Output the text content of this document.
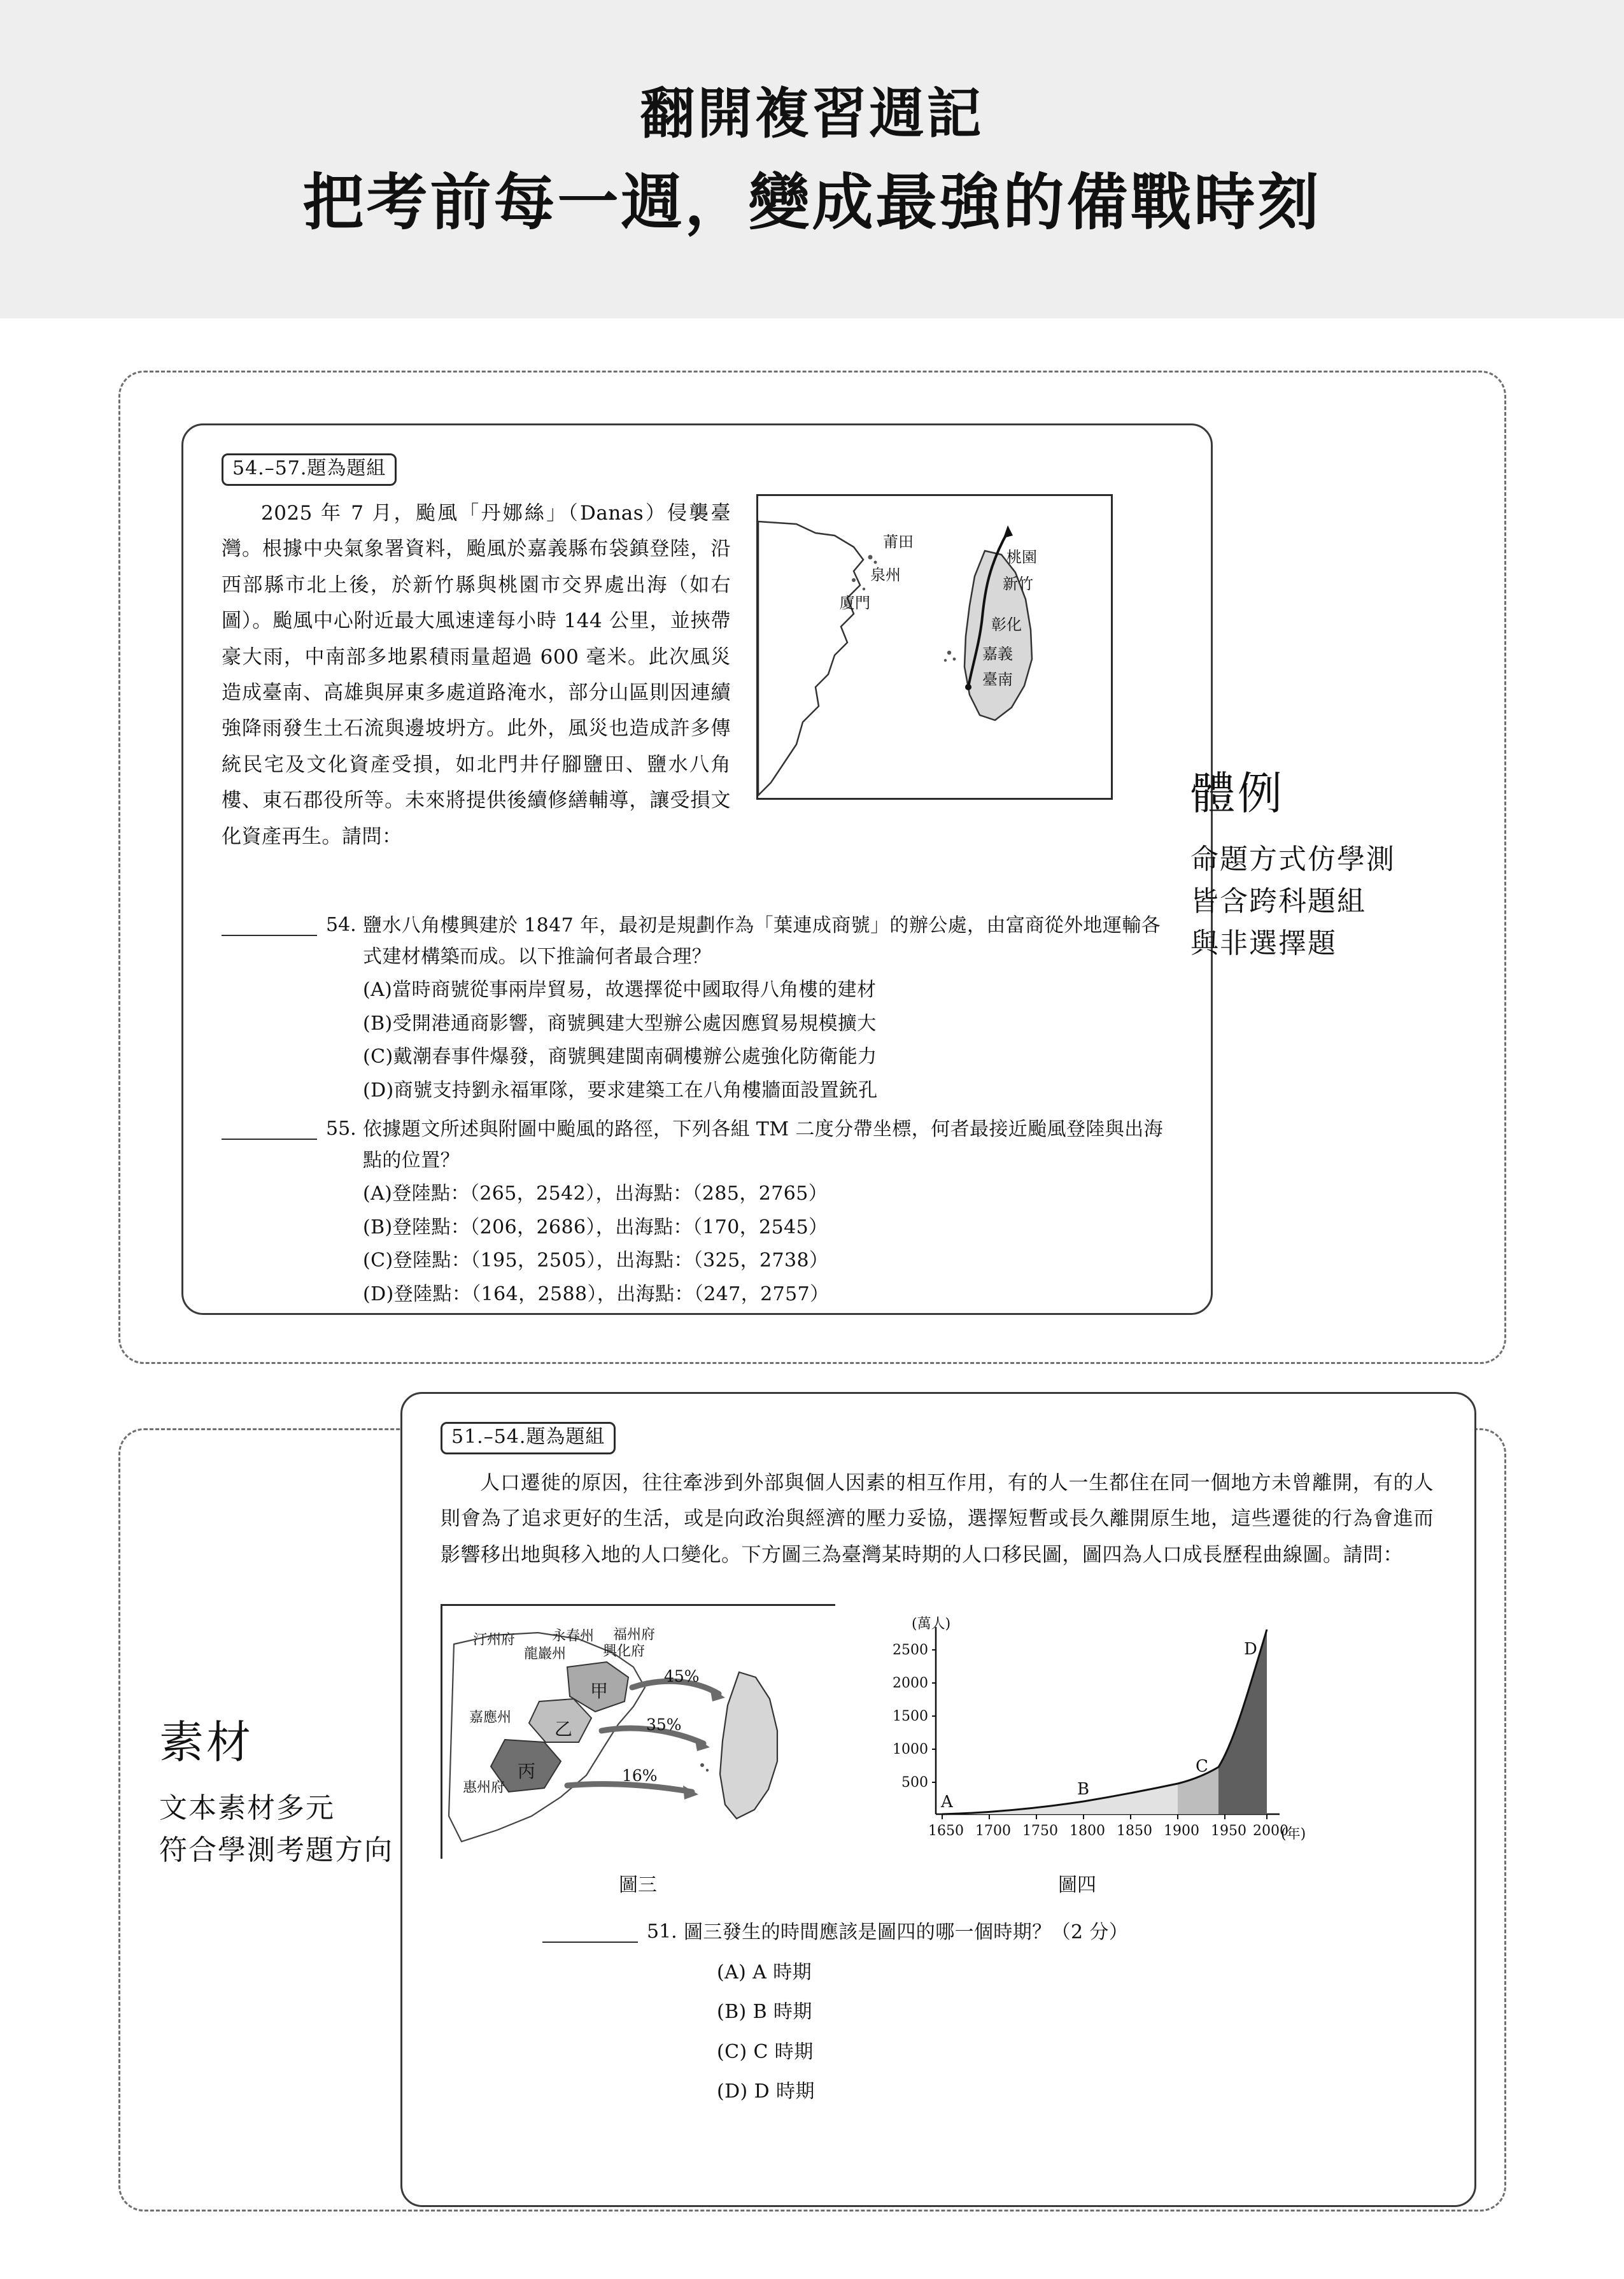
翻開複習週記
把考前每一週，變成最強的備戰時刻
54.–57.題為題組
2025 年 7 月，颱風「丹娜絲」（Danas）侵襲臺灣。根據中央氣象署資料，颱風於嘉義縣布袋鎮登陸，沿西部縣市北上後，於新竹縣與桃園市交界處出海（如右圖）。颱風中心附近最大風速達每小時 144 公里，並挾帶豪大雨，中南部多地累積雨量超過 600 毫米。此次風災造成臺南、高雄與屏東多處道路淹水，部分山區則因連續強降雨發生土石流與邊坡坍方。此外，風災也造成許多傳統民宅及文化資產受損，如北門井仔腳鹽田、鹽水八角樓、東石郡役所等。未來將提供後續修繕輔導，讓受損文化資產再生。請問：
莆田
泉州
廈門
桃園
新竹
彰化
嘉義
臺南
54. 鹽水八角樓興建於 1847 年，最初是規劃作為「葉連成商號」的辦公處，由富商從外地運輸各式建材構築而成。以下推論何者最合理？
(A)當時商號從事兩岸貿易，故選擇從中國取得八角樓的建材
(B)受開港通商影響，商號興建大型辦公處因應貿易規模擴大
(C)戴潮春事件爆發，商號興建閩南碉樓辦公處強化防衛能力
(D)商號支持劉永福軍隊，要求建築工在八角樓牆面設置銃孔
55. 依據題文所述與附圖中颱風的路徑，下列各組 TM 二度分帶坐標，何者最接近颱風登陸與出海點的位置？
(A)登陸點：（265，2542），出海點：（285，2765）
(B)登陸點：（206，2686），出海點：（170，2545）
(C)登陸點：（195，2505），出海點：（325，2738）
(D)登陸點：（164，2588），出海點：（247，2757）
體例
命題方式仿學測
皆含跨科題組
與非選擇題
51.–54.題為題組
人口遷徙的原因，往往牽涉到外部與個人因素的相互作用，有的人一生都住在同一個地方未曾離開，有的人則會為了追求更好的生活，或是向政治與經濟的壓力妥協，選擇短暫或長久離開原生地，這些遷徙的行為會進而影響移出地與移入地的人口變化。下方圖三為臺灣某時期的人口移民圖，圖四為人口成長歷程曲線圖。請問：
汀州府	永春州 福州府
興化府
龍巖州
嘉應州
惠州府
甲
乙
丙
45%
35%
16%
圖三
(萬人)
2500
2000
1500
1000
500
1650 1700 1750 1800 1850 1900 1950 2000
(年)
A
B
C
D
圖四
51. 圖三發生的時間應該是圖四的哪一個時期？（2 分）
(A) A 時期
(B) B 時期
(C) C 時期
(D) D 時期
素材
文本素材多元
符合學測考題方向
